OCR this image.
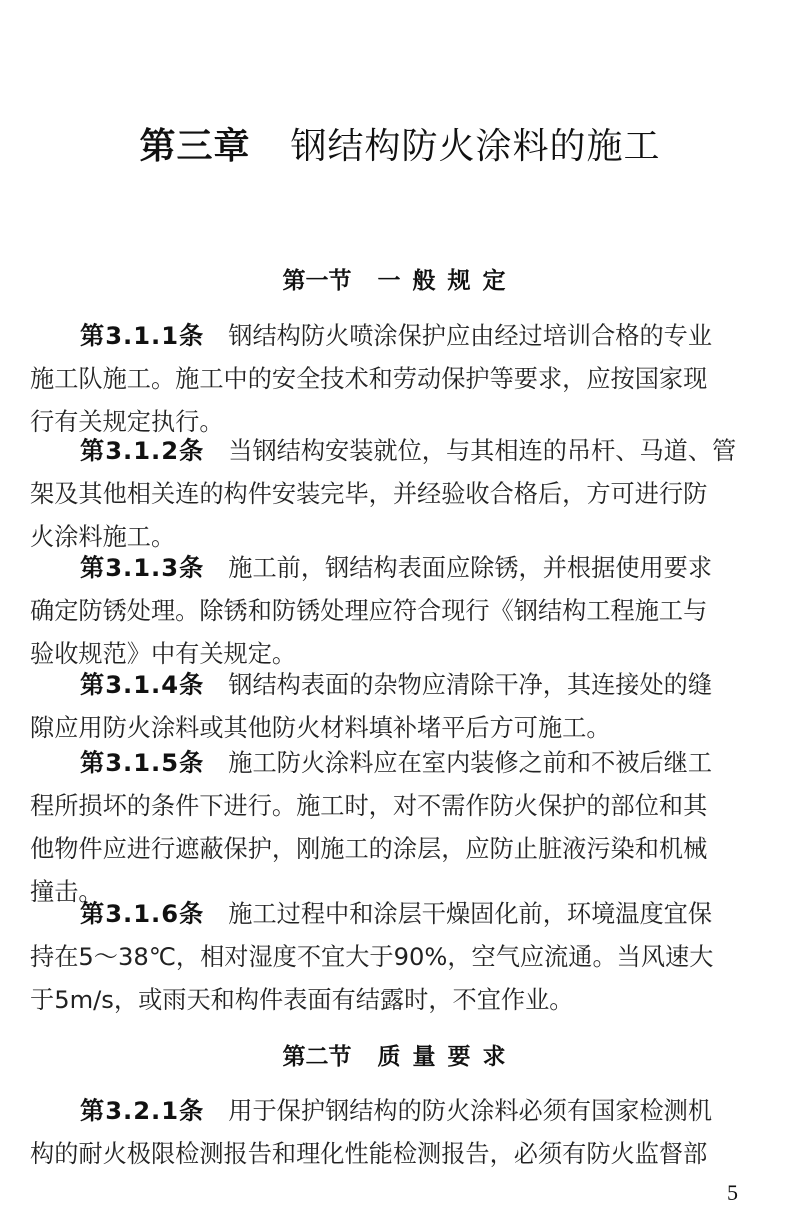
第三章 钢结构防火涂料的施工
第一节 一般规定
第3.1.1条 钢结构防火喷涂保护应由经过培训合格的专业
施工队施工。施工中的安全技术和劳动保护等要求，应按国家现
行有关规定执行。
第3.1.2条 当钢结构安装就位，与其相连的吊杆、马道、管
架及其他相关连的构件安装完毕，并经验收合格后，方可进行防
火涂料施工。
第3.1.3条 施工前，钢结构表面应除锈，并根据使用要求
确定防锈处理。除锈和防锈处理应符合现行《钢结构工程施工与
验收规范》中有关规定。
第3.1.4条 钢结构表面的杂物应清除干净，其连接处的缝
隙应用防火涂料或其他防火材料填补堵平后方可施工。
第3.1.5条 施工防火涂料应在室内装修之前和不被后继工
程所损坏的条件下进行。施工时，对不需作防火保护的部位和其
他物件应进行遮蔽保护，刚施工的涂层，应防止脏液污染和机械
撞击。
第3.1.6条 施工过程中和涂层干燥固化前，环境温度宜保
持在5～38℃，相对湿度不宜大于90%，空气应流通。当风速大
于5m/s，或雨天和构件表面有结露时，不宜作业。
第二节 质量要求
第3.2.1条 用于保护钢结构的防火涂料必须有国家检测机
构的耐火极限检测报告和理化性能检测报告，必须有防火监督部
5
